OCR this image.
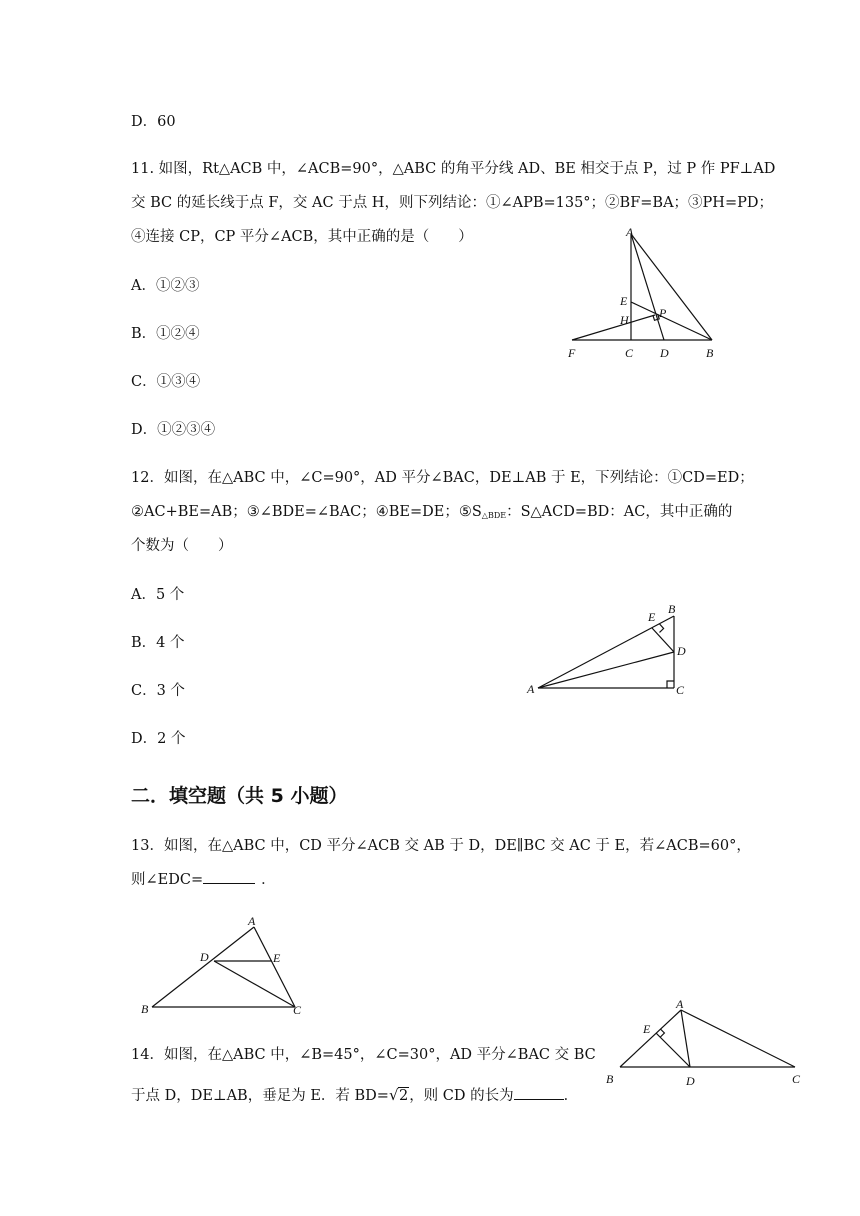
D．60
11. 如图，Rt△ACB 中，∠ACB=90°，△ABC 的角平分线 AD、BE 相交于点 P，过 P 作 PF⊥AD
交 BC 的延长线于点 F，交 AC 于点 H，则下列结论：①∠APB=135°；②BF=BA；③PH=PD；
④连接 CP，CP 平分∠ACB，其中正确的是（　　）
A．①②③
B．①②④
C．①③④
D．①②③④
A
E
H	P
F	C D	B
12．如图，在△ABC 中，∠C=90°，AD 平分∠BAC，DE⊥AB 于 E，下列结论：①CD=ED；
②AC+BE=AB；③∠BDE=∠BAC；④BE=DE；$⑤S_{\triangle BDE}$：S△ACD=BD：AC，其中正确的
个数为（　　）
A．5 个
B．4 个
C．3 个
D．2 个
E
B
D
A	C
二．填空题（共 5 小题）
13．如图，在△ABC 中，CD 平分∠ACB 交 AB 于 D，DE∥BC 交 AC 于 E，若∠ACB=60°，
则∠EDC=	．
A
D	E
B	C
14．如图，在△ABC 中，∠B=45°，∠C=30°，AD 平分∠BAC 交 BC
于点 D，DE⊥AB，垂足为 E．若 BD= √ 2，则 CD 的长为	．
A
E
B	D	C
